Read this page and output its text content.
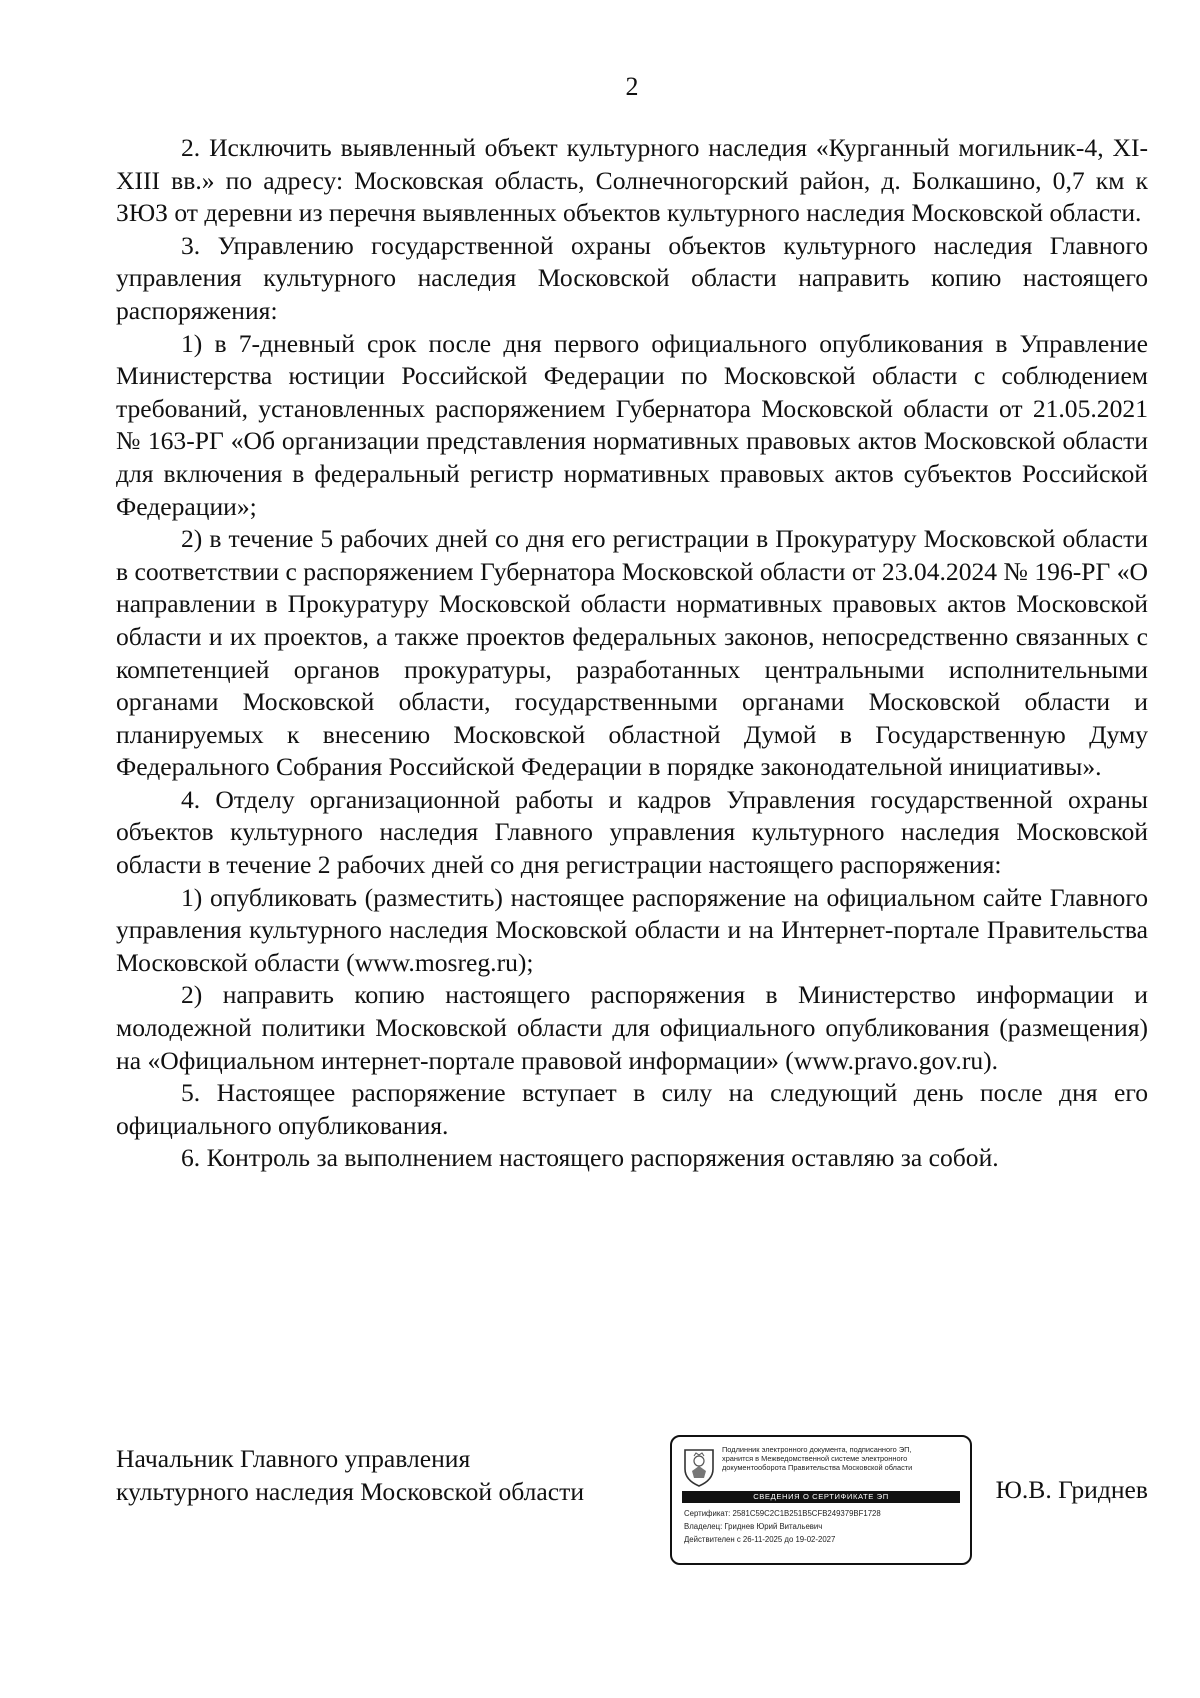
2

2. Исключить выявленный объект культурного наследия «Курганный могильник-4, XI-XIII вв.» по адресу: Московская область, Солнечногорский район, д. Болкашино, 0,7 км к ЗЮЗ от деревни из перечня выявленных объектов культурного наследия Московской области.

3. Управлению государственной охраны объектов культурного наследия Главного управления культурного наследия Московской области направить копию настоящего распоряжения:

1) в 7-дневный срок после дня первого официального опубликования в Управление Министерства юстиции Российской Федерации по Московской области с соблюдением требований, установленных распоряжением Губернатора Московской области от 21.05.2021 № 163-РГ «Об организации представления нормативных правовых актов Московской области для включения в федеральный регистр нормативных правовых актов субъектов Российской Федерации»;

2) в течение 5 рабочих дней со дня его регистрации в Прокуратуру Московской области в соответствии с распоряжением Губернатора Московской области от 23.04.2024 № 196-РГ «О направлении в Прокуратуру Московской области нормативных правовых актов Московской области и их проектов, а также проектов федеральных законов, непосредственно связанных с компетенцией органов прокуратуры, разработанных центральными исполнительными органами Московской области, государственными органами Московской области и планируемых к внесению Московской областной Думой в Государственную Думу Федерального Собрания Российской Федерации в порядке законодательной инициативы».

4. Отделу организационной работы и кадров Управления государственной охраны объектов культурного наследия Главного управления культурного наследия Московской области в течение 2 рабочих дней со дня регистрации настоящего распоряжения:

1) опубликовать (разместить) настоящее распоряжение на официальном сайте Главного управления культурного наследия Московской области и на Интернет-портале Правительства Московской области (www.mosreg.ru);

2) направить копию настоящего распоряжения в Министерство информации и молодежной политики Московской области для официального опубликования (размещения) на «Официальном интернет-портале правовой информации» (www.pravo.gov.ru).

5. Настоящее распоряжение вступает в силу на следующий день после дня его официального опубликования.

6. Контроль за выполнением настоящего распоряжения оставляю за собой.

Начальник Главного управления
культурного наследия Московской области
Подлинник электронного документа, подписанного ЭП,
хранится в Межведомственной системе электронного
документооборота Правительства Московской области
СВЕДЕНИЯ О СЕРТИФИКАТЕ ЭП
Сертификат: 2581C59C2C1B251B5CFB249379BF1728
Владелец: Гриднев Юрий Витальевич
Действителен с 26-11-2025 до 19-02-2027
Ю.В. Гриднев
